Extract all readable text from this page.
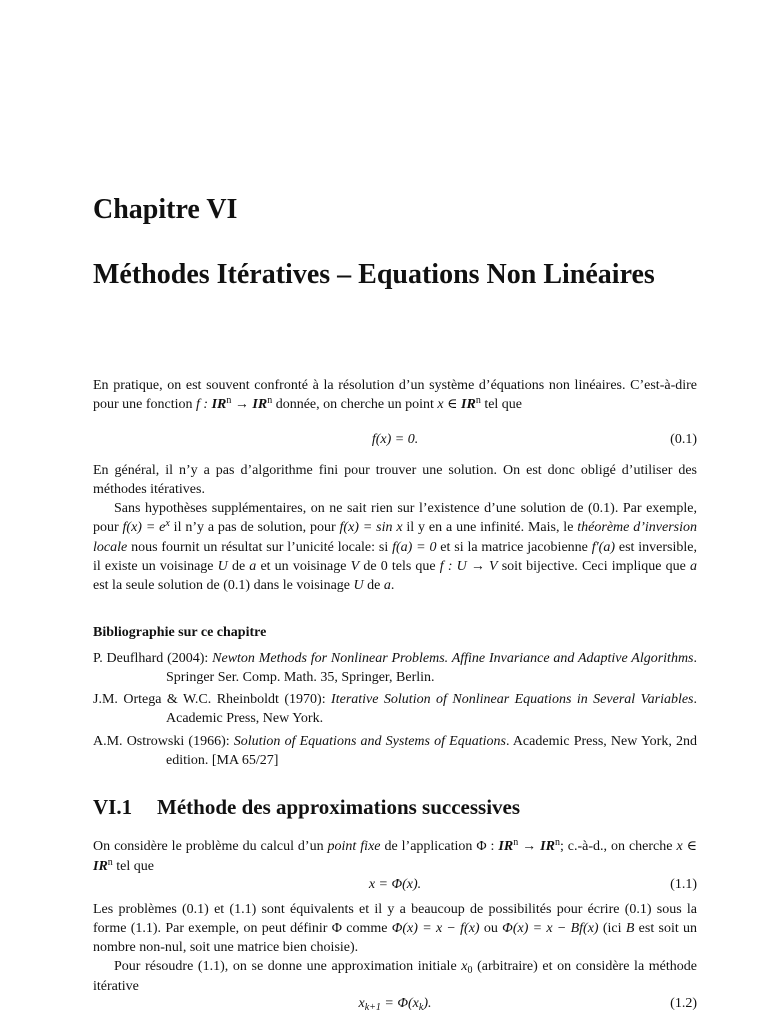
Chapitre VI
Méthodes Itératives – Equations Non Linéaires

En pratique, on est souvent confronté à la résolution d’un système d’équations non linéaires. C’est-à-dire pour une fonction f : $IR^n \to IR^n$ donnée, on cherche un point x ∈ $IR^n$ tel que

f(x) = 0.	(0.1)

En général, il n’y a pas d’algorithme fini pour trouver une solution. On est donc obligé d’utiliser des méthodes itératives.

Sans hypothèses supplémentaires, on ne sait rien sur l’existence d’une solution de (0.1). Par exemple, pour $f(x) = e^x$ il n’y a pas de solution, pour f(x) = sin x il y en a une infinité. Mais, le théorème d’inversion locale nous fournit un résultat sur l’unicité locale: si f(a) = 0 et si la matrice jacobienne f′(a) est inversible, il existe un voisinage U de a et un voisinage V de 0 tels que f : U → V soit bijective. Ceci implique que a est la seule solution de (0.1) dans le voisinage U de a.

Bibliographie sur ce chapitre
P. Deuflhard (2004): Newton Methods for Nonlinear Problems. Affine Invariance and Adaptive Algorithms. Springer Ser. Comp. Math. 35, Springer, Berlin.
J.M. Ortega & W.C. Rheinboldt (1970): Iterative Solution of Nonlinear Equations in Several Variables. Academic Press, New York.
A.M. Ostrowski (1966): Solution of Equations and Systems of Equations. Academic Press, New York, 2nd edition. [MA 65/27]
VI.1 Méthode des approximations successives

On considère le problème du calcul d’un point fixe de l’application Φ : $IR^n \to IR^n$; c.-à-d., on cherche x ∈ $IR^n$ tel que

x = Φ(x).	(1.1)

Les problèmes (0.1) et (1.1) sont équivalents et il y a beaucoup de possibilités pour écrire (0.1) sous la forme (1.1). Par exemple, on peut définir Φ comme Φ(x) = x − f(x) ou Φ(x) = x − Bf(x) (ici B est soit un nombre non-nul, soit une matrice bien choisie).

Pour résoudre (1.1), on se donne une approximation initiale $x_0$ (arbitraire) et on considère la méthode itérative

$x_{k+1} = \Phi(x_k)$.	(1.2)
